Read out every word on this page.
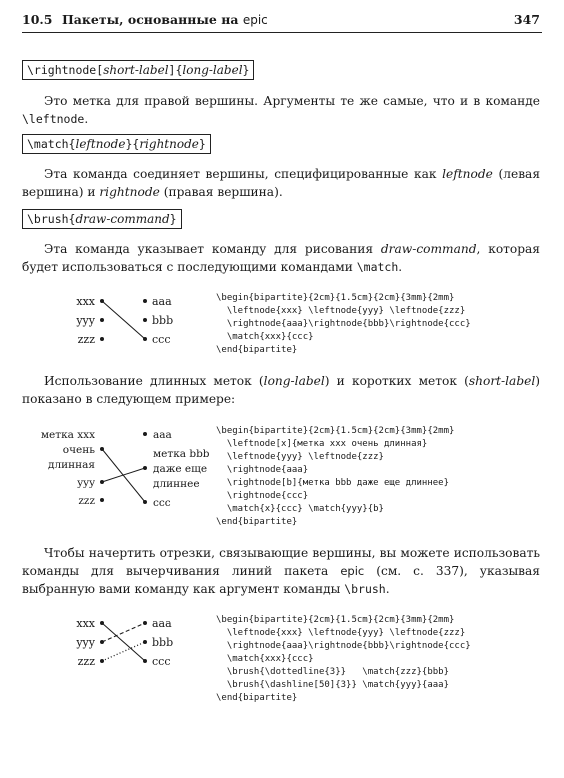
10.5 Пакеты, основанные на epic	347
\rightnode[short-label]{long-label}
Это метка для правой вершины. Аргументы те же самые, что и в команде \leftnode.
\match{leftnode}{rightnode}
Эта команда соединяет вершины, специфицированные как leftnode (левая вершина) и rightnode (правая вершина).
\brush{draw-command}
Эта команда указывает команду для рисования draw-command, которая будет использоваться с последующими командами \match.
xxx
yyy
zzz
aaa
bbb
ccc
\begin{bipartite}{2cm}{1.5cm}{2cm}{3mm}{2mm}
\leftnode{xxx} \leftnode{yyy} \leftnode{zzz}
\rightnode{aaa}\rightnode{bbb}\rightnode{ccc}
\match{xxx}{ccc}
\end{bipartite}
Использование длинных меток (long-label) и коротких меток (short-label) показано в следующем примере:
метка xxx
очень
длинная
yyy
zzz
aaa
метка bbb
даже еще
длиннее
ccc
\begin{bipartite}{2cm}{1.5cm}{2cm}{3mm}{2mm}
\leftnode[x]{метка xxx очень длинная}
\leftnode{yyy} \leftnode{zzz}
\rightnode{aaa}
\rightnode[b]{метка bbb даже еще длиннее}
\rightnode{ccc}
\match{x}{ccc} \match{yyy}{b}
\end{bipartite}
Чтобы начертить отрезки, связывающие вершины, вы можете использовать команды для вычерчивания линий пакета epic (см. с. 337), указывая выбранную вами команду как аргумент команды \brush.
xxx
yyy
zzz
aaa
bbb
ccc
\begin{bipartite}{2cm}{1.5cm}{2cm}{3mm}{2mm}
\leftnode{xxx} \leftnode{yyy} \leftnode{zzz}
\rightnode{aaa}\rightnode{bbb}\rightnode{ccc}
\match{xxx}{ccc}
\brush{\dottedline{3}}   \match{zzz}{bbb}
\brush{\dashline[50]{3}} \match{yyy}{aaa}
\end{bipartite}
